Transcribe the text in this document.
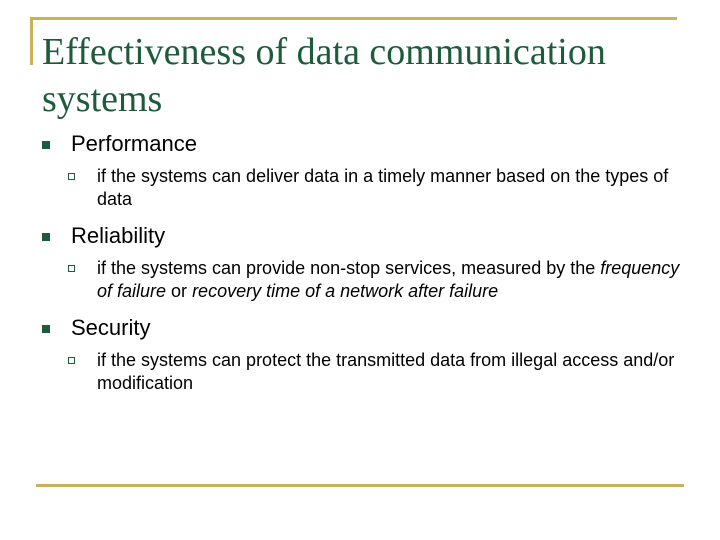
Effectiveness of data communication systems
Performance
if the systems can deliver data in a timely manner based on the types of data
Reliability
if the systems can provide non-stop services, measured by the frequency of failure or recovery time of a network after failure
Security
if the systems can protect the transmitted data from illegal access and/or modification
